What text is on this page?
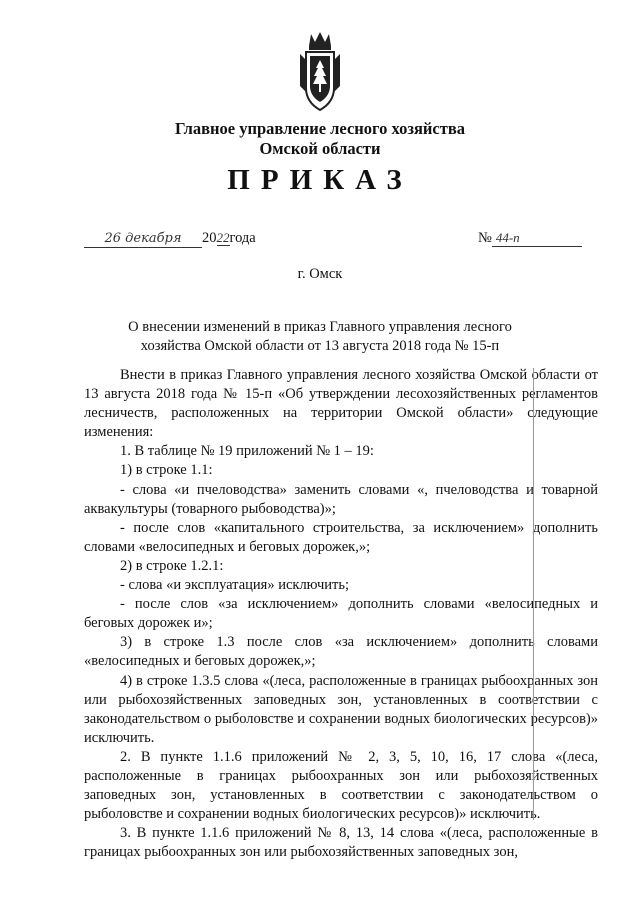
Главное управление лесного хозяйства
Омской области
ПРИКАЗ
26 декабря 2022года	№ 44-п
г. Омск
О внесении изменений в приказ Главного управления лесного хозяйства Омской области от 13 августа 2018 года № 15-п

Внести в приказ Главного управления лесного хозяйства Омской области от 13 августа 2018 года № 15-п «Об утверждении лесохозяйственных регламентов лесничеств, расположенных на территории Омской области» следующие изменения:

1. В таблице № 19 приложений № 1 – 19:

1) в строке 1.1:

- слова «и пчеловодства» заменить словами «, пчеловодства и товарной аквакультуры (товарного рыбоводства)»;

- после слов «капитального строительства, за исключением» дополнить словами «велосипедных и беговых дорожек,»;

2) в строке 1.2.1:

- слова «и эксплуатация» исключить;

- после слов «за исключением» дополнить словами «велосипедных и беговых дорожек и»;

3) в строке 1.3 после слов «за исключением» дополнить словами «велосипедных и беговых дорожек,»;

4) в строке 1.3.5 слова «(леса, расположенные в границах рыбоохранных зон или рыбохозяйственных заповедных зон, установленных в соответствии с законодательством о рыболовстве и сохранении водных биологических ресурсов)» исключить.

2. В пункте 1.1.6 приложений № 2, 3, 5, 10, 16, 17 слова «(леса, расположенные в границах рыбоохранных зон или рыбохозяйственных заповедных зон, установленных в соответствии с законодательством о рыболовстве и сохранении водных биологических ресурсов)» исключить.

3. В пункте 1.1.6 приложений № 8, 13, 14 слова «(леса, расположенные в границах рыбоохранных зон или рыбохозяйственных заповедных зон,
